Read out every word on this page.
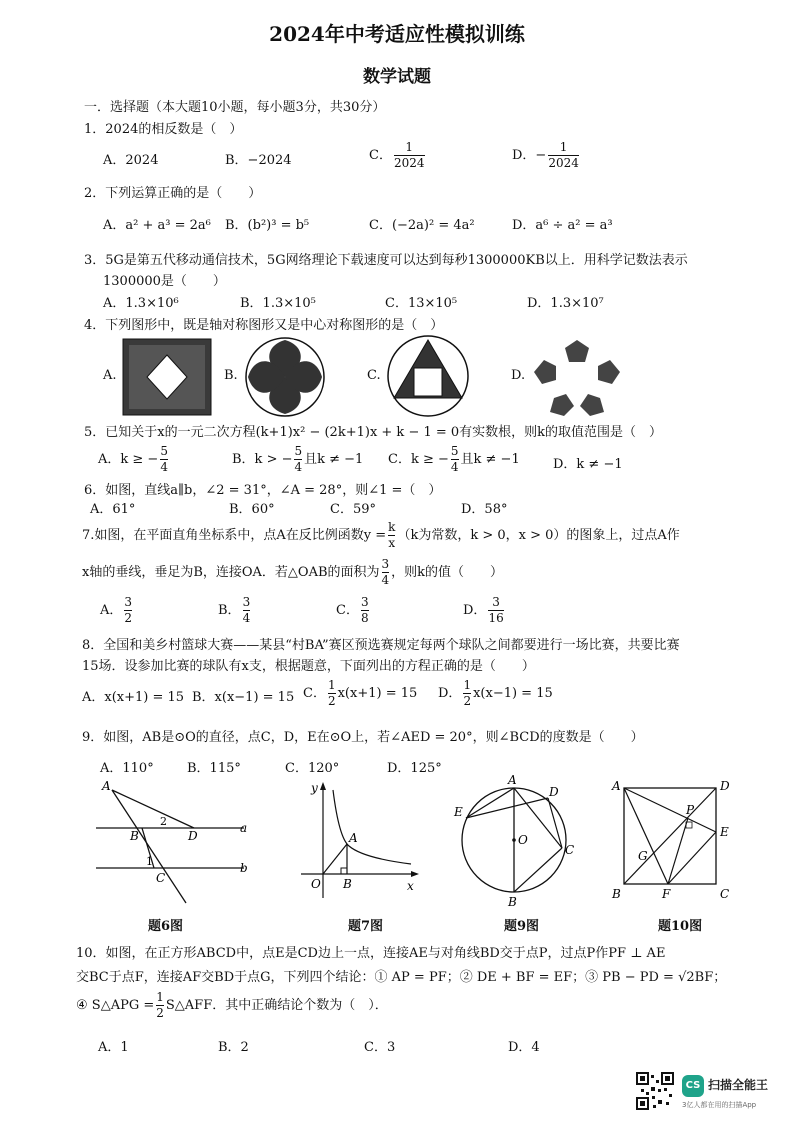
2024年中考适应性模拟训练
数学试题
一．选择题（本大题10小题，每小题3分，共30分）
1．2024的相反数是（　）
A．2024	B．−2024	C． $\frac{1}{2024}$	D．− $\frac{1}{2024}$
2．下列运算正确的是（　　）
A．a² + a³ = 2a⁶ B．(b²)³ = b⁵	C．(−2a)² = 4a²	D．a⁶ ÷ a² = a³
3．5G是第五代移动通信技术，5G网络理论下载速度可以达到每秒1300000KB以上．用科学记数法表示
1300000是（　　）
A．1.3×10⁶	B．1.3×10⁵	C．13×10⁵	D．1.3×10⁷
4．下列图形中，既是轴对称图形又是中心对称图形的是（　）
A.	B.	C.	D.
5．已知关于x的一元二次方程(k+1)x² − (2k+1)x + k − 1 = 0有实数根，则k的取值范围是（　）
A．k ≥ − $\frac{5}{4}$	B．k > − $\frac{5}{4}$ 且k ≠ −1 C．k ≥ − $\frac{5}{4}$ 且k ≠ −1	D．k ≠ −1
6．如图，直线a∥b，∠2 = 31°，∠A = 28°，则∠1 =（　）
A．61°	B．60°	C．59°	D．58°
7.如图，在平面直角坐标系中，点A在反比例函数$y = \frac{k}{x} (k$为常数，k > 0，x > 0）的图象上，过点A作
x轴的垂线，垂足为B，连接OA．若△OAB的面积为 $\frac{3}{4}$ ，则k的值（　　）
A． $\frac{3}{2}$	B． $\frac{3}{4}$	C． $\frac{3}{8}$	D． $\frac{3}{16}$
8．全国和美乡村篮球大赛——某县“村BA”赛区预选赛规定每两个球队之间都要进行一场比赛，共要比赛
15场．设参加比赛的球队有x支，根据题意，下面列出的方程正确的是（　　）
A．x(x+1) = 15 B．x(x−1) = 15 C． $\frac{1}{2} x(x+1) = 15$ D． $\frac{1}{2} x(x-1) = 15$
9．如图，AB是⊙O的直径，点C，D，E在⊙O上，若∠AED = 20°，则∠BCD的度数是（　　）
A．110°	B．115°	C．120°	D．125°
A
2
B	D
a
1
C
b
题6图
y
A
O B	x
题7图
A
D
E
O
C
B
题9图
A	D
P
E
G
B	F	C
题10图
10．如图，在正方形ABCD中，点E是CD边上一点，连接AE与对角线BD交于点P，过点P作PF ⊥ AE
交BC于点F，连接AF交BD于点G，下列四个结论：① AP = PF；② DE + BF = EF；③ PB − PD = √2BF；
④ S△APG = $\frac{1}{2}$ S△AFF．其中正确结论个数为（　）．
A．1	B．2	C．3	D．4
CS 扫描全能王
3亿人都在用的扫描App
